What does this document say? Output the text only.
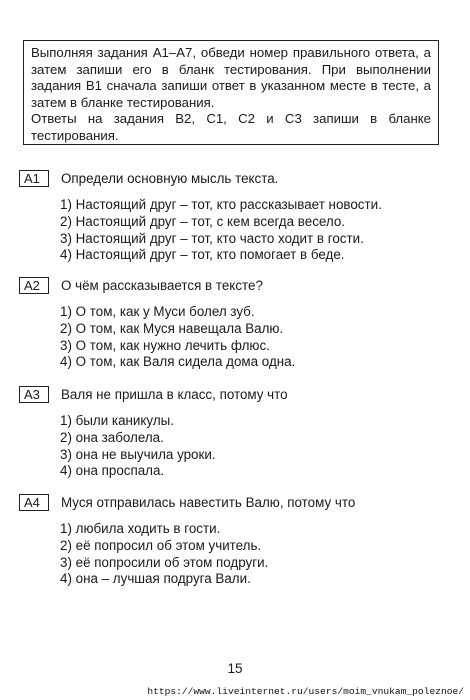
Выполняя задания А1–А7, обведи номер правильного ответа, а затем запиши его в бланк тестирования. При выполнении задания В1 сначала запиши ответ в указанном месте в тесте, а затем в бланке тестирования.

Ответы на задания В2, С1, С2 и С3 запиши в бланке тестирования.

А1	Определи основную мысль текста.
1) Настоящий друг – тот, кто рассказывает новости.
2) Настоящий друг – тот, с кем всегда весело.
3) Настоящий друг – тот, кто часто ходит в гости.
4) Настоящий друг – тот, кто помогает в беде.
А2	О чём рассказывается в тексте?
1) О том, как у Муси болел зуб.
2) О том, как Муся навещала Валю.
3) О том, как нужно лечить флюс.
4) О том, как Валя сидела дома одна.
А3	Валя не пришла в класс, потому что
1) были каникулы.
2) она заболела.
3) она не выучила уроки.
4) она проспала.
А4	Муся отправилась навестить Валю, потому что
1) любила ходить в гости.
2) её попросил об этом учитель.
3) её попросили об этом подруги.
4) она – лучшая подруга Вали.
15
https://www.liveinternet.ru/users/moim_vnukam_poleznoe/
